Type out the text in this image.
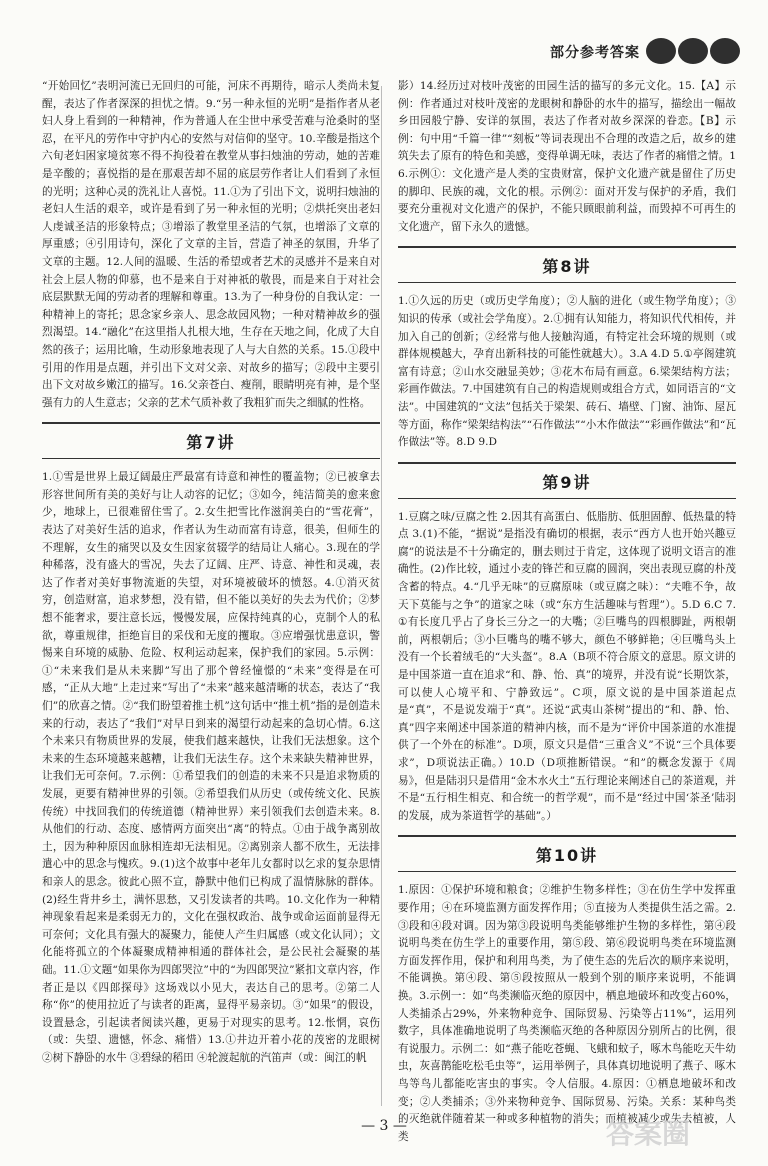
部分参考答案

“开始回忆”表明河流已无回归的可能，河床不再期待，暗示人类尚未复醒，表达了作者深深的担忧之情。9.“另一种永恒的光明”是指作者从老妇人身上看到的一种精神，作为普通人在尘世中承受苦难与沧桑时的坚忍，在平凡的劳作中守护内心的安然与对信仰的坚守。10.辛酸是指这个六旬老妇困家境贫寒不得不拘役着在教堂从事扫烛油的劳动，她的苦难是辛酸的；喜悦指的是在那艰苦却不屈的底层劳作者让人们看到了永恒的光明；这种心灵的洗礼让人喜悦。11.①为了引出下文，说明扫烛油的老妇人生活的艰辛，或许是看到了另一种永恒的光明；②烘托突出老妇人虔诚圣洁的形象特点；③增添了教堂里圣洁的气氛，也增添了文章的厚重感；④引用诗句，深化了文章的主旨，营造了神圣的氛围，升华了文章的主题。12.人间的温暖、生活的希望或者艺术的灵感并不是来自对社会上层人物的仰慕，也不是来自于对神祇的敬畏，而是来自于对社会底层默默无闻的劳动者的理解和尊重。13.为了一种身份的自我认定：一种精神上的寄托；思念家乡亲人、思念故园风物；一种对精神故乡的强烈渴望。14.“融化”在这里指人扎根大地，生存在天地之间，化成了大自然的孩子；运用比喻，生动形象地表现了人与大自然的关系。15.①段中引用的作用是点题，并引出下文对父亲、对故乡的描写；②段中主要引出下文对故乡嫩江的描写。16.父亲苍白、瘦削，眼睛明亮有神，是个坚强有力的人生意志；父亲的艺术气质补救了我粗犷而失之细腻的性格。

第7讲

1.①雪是世界上最辽阔最庄严最富有诗意和神性的覆盖物；②已被拿去形容世间所有美的美好与让人动容的记忆；③如今，纯洁简美的愈来愈少，地球上，已很难留住雪了。2.女生把雪比作滋润美白的“雪花膏”，表达了对美好生活的追求，作者认为生动而富有诗意，很美，但师生的不理解，女生的痛哭以及女生因家贫辍学的结局让人痛心。3.现在的学种稀落，没有盛大的雪况，失去了辽阔、庄严、诗意、神性和灵魂，表达了作者对美好事物流逝的失望，对环境被破坏的愤怒。4.①消灭贫穷，创造财富，追求梦想，没有错，但不能以美好的失去为代价；②梦想不能奢求，要注意长远，慢慢发展，应保持纯真的心，克制个人的私欲，尊重规律，拒绝盲目的采伐和无度的攫取。③应增强忧患意识，警惕来自环境的威胁、危险、权利运动起来，保护我们的家园。5.示例：①“未来我们是从未来脚”写出了那个曾经憧憬的“未来”变得是在可感，“正从大地”上走过来”写出了“未来”越来越清晰的状态，表达了“我们”的欣喜之情。②“我们盼望着推土机”这句话中“推土机”指的是创造未来的行动，表达了“我们”对早日到来的渴望行动起来的急切心情。6.这个未来只有物质世界的发展，使我们越来越快，让我们无法想象。这个未来的生态环境越来越糟，让我们无法生存。这个未来缺失精神世界，让我们无可奈何。7.示例：①希望我们的创造的未来不只是追求物质的发展，更要有精神世界的引领。②希望我们从历史（或传统文化、民族传统）中找回我们的传统道德（精神世界）来引领我们去创造未来。8.从他们的行动、态度、感情两方面突出“离”的特点。①由于战争离别故土，因为种种原因血脉相连却无法相见。②离别亲人都不欣生，无法排遣心中的思念与愧疚。9.(1)这个故事中老年儿女都时以乞求的复杂思情和亲人的思念。彼此心照不宣，静默中他们已构成了温情脉脉的群体。(2)经生背井乡土，满怀思愁，又引发读者的共鸣。10.文化作为一种精神现象看起来是柔弱无力的，文化在强权政治、战争或命运面前显得无可奈何；文化具有强大的凝聚力，能使人产生归属感（或文化认同）；文化能将孤立的个体凝聚成精神相通的群体社会，是公民社会凝聚的基础。11.①文题“如果你为四郎哭泣”中的“为四郎哭泣”紧扣文章内容，作者正是以《四郎探母》这场戏以小见大，表达自己的思考。②第二人称“你”的使用拉近了与读者的距离，显得平易亲切。③“如果”的假设，设置悬念，引起读者阅读兴趣，更易于对现实的思考。12.怅惘，哀伤（或：失望、遗憾，怀念、痛惜）13.①井边开着小花的茂密的龙眼树 ②树下静卧的水牛 ③碧绿的稻田 ④轮渡起航的汽笛声（或：闽江的帆

影）14.经历过对枝叶茂密的田园生活的描写的多元文化。15.【A】示例：作者通过对枝叶茂密的龙眼树和静卧的水牛的描写，描绘出一幅故乡田园般宁静、安详的氛围，表达了作者对故乡深深的眷恋。【B】示例：句中用“千篇一律”“刻板”等词表现出不合理的改造之后，故乡的建筑失去了原有的特色和美感，变得单调无味，表达了作者的痛惜之情。16.示例①：文化遗产是人类的宝贵财富，保护文化遗产就是留住了历史的脚印、民族的魂，文化的根。示例②：面对开发与保护的矛盾，我们要充分重视对文化遗产的保护，不能只顾眼前利益，而毁掉不可再生的文化遗产，留下永久的遗憾。

第8讲

1.①久远的历史（或历史学角度）；②人脑的进化（或生物学角度）；③知识的传承（或社会学角度）。2.①拥有认知能力，将知识代代相传，并加入自己的创新；②经常与他人接触沟通，有特定社会环境的规则（或群体规模越大，孕育出新科技的可能性就越大）。3.A 4.D 5.①亭阁建筑富有诗意；②山水交融显美妙；③花木布局有画意。6.梁架结构方法；彩画作做法。7.中国建筑有自己的构造规则或组合方式，如同语言的“文法”。中国建筑的“文法”包括关于梁架、砖石、墙壁、门窗、油饰、屋瓦等方面，称作“梁架结构法”“石作做法”“小木作做法”“彩画作做法”和“瓦作做法”等。8.D 9.D

第9讲

1.豆腐之味/豆腐之性 2.因其有高蛋白、低脂肪、低胆固醇、低热量的特点 3.(1)不能，“据说”是指没有确切的根据，表示“西方人也开始兴趣豆腐”的说法是不十分确定的，删去则过于肯定，这体现了说明文语言的准确性。(2)作比较，通过小麦的锋芒和豆腐的圆润，突出表现豆腐的朴茂含蓄的特点。4.“几乎无味”的豆腐原味（或豆腐之味）：“夫唯不争，故天下莫能与之争”的道家之味（或“东方生活趣味与哲理”）。5.D 6.C 7.①有长度几乎占了身长三分之一的大嘴；②巨嘴鸟的四根脚趾，两根朝前，两根朝后；③小巨嘴鸟的嘴不够大，颜色不够鲜艳；④巨嘴鸟头上没有一个长着绒毛的“大头盔”。8.A（B项不符合原文的意思。原文讲的是中国茶道一直在追求“和、静、怡、真”的境界，并没有说“长期饮茶，可以使人心境平和、宁静致远”。C项，原文说的是中国茶道起点是“真”，不是说发端于“真”。还说“武夷山茶树”提出的“和、静、怡、真”四字来阐述中国茶道的精神内核，而不是为“评价中国茶道的水准提供了一个外在的标准”。D项，原文只是借“三重含义”不说“三个具体要求”，D项说法正确。）10.D（D项推断错误。“和”的概念发源于《周易》，但是陆羽只是借用“金木水火土”五行理论来阐述自己的茶道观，并不是“五行相生相克、和合统一的哲学观”，而不是“经过中国‘茶圣’陆羽的发展，成为茶道哲学的基础”。）

第10讲

1.原因：①保护环境和粮食；②维护生物多样性；③在仿生学中发挥重要作用；④在环境监测方面发挥作用；⑤直接为人类提供生活之需。2.③段和④段对调。因为第③段说明鸟类能够维护生物的多样性，第④段说明鸟类在仿生学上的重要作用，第⑤段、第⑥段说明鸟类在环境监测方面发挥作用，保护和利用鸟类，为了使生态的先后次的顺序来说明，不能调换。第④段、第⑤段按照从一般到个别的顺序来说明，不能调换。3.示例一：如“鸟类濒临灭绝的原因中，栖息地破坏和改变占60%，人类捕杀占29%，外来物种竞争、国际贸易、污染等占11%”，运用列数字，具体准确地说明了鸟类濒临灭绝的各种原因分别所占的比例，很有说服力。示例二：如“燕子能吃苍蝇、飞蛾和蚊子，啄木鸟能吃天牛幼虫，灰喜鹊能吃松毛虫等”，运用举例子，具体真切地说明了燕子、啄木鸟等鸟儿都能吃害虫的事实。令人信服。4.原因：①栖息地破坏和改变；②人类捕杀；③外来物种竞争、国际贸易、污染。关系：某种鸟类的灭绝就伴随着某一种或多种植物的消失；而植被减少或失去植被，人类

— 3 —	答案圈
